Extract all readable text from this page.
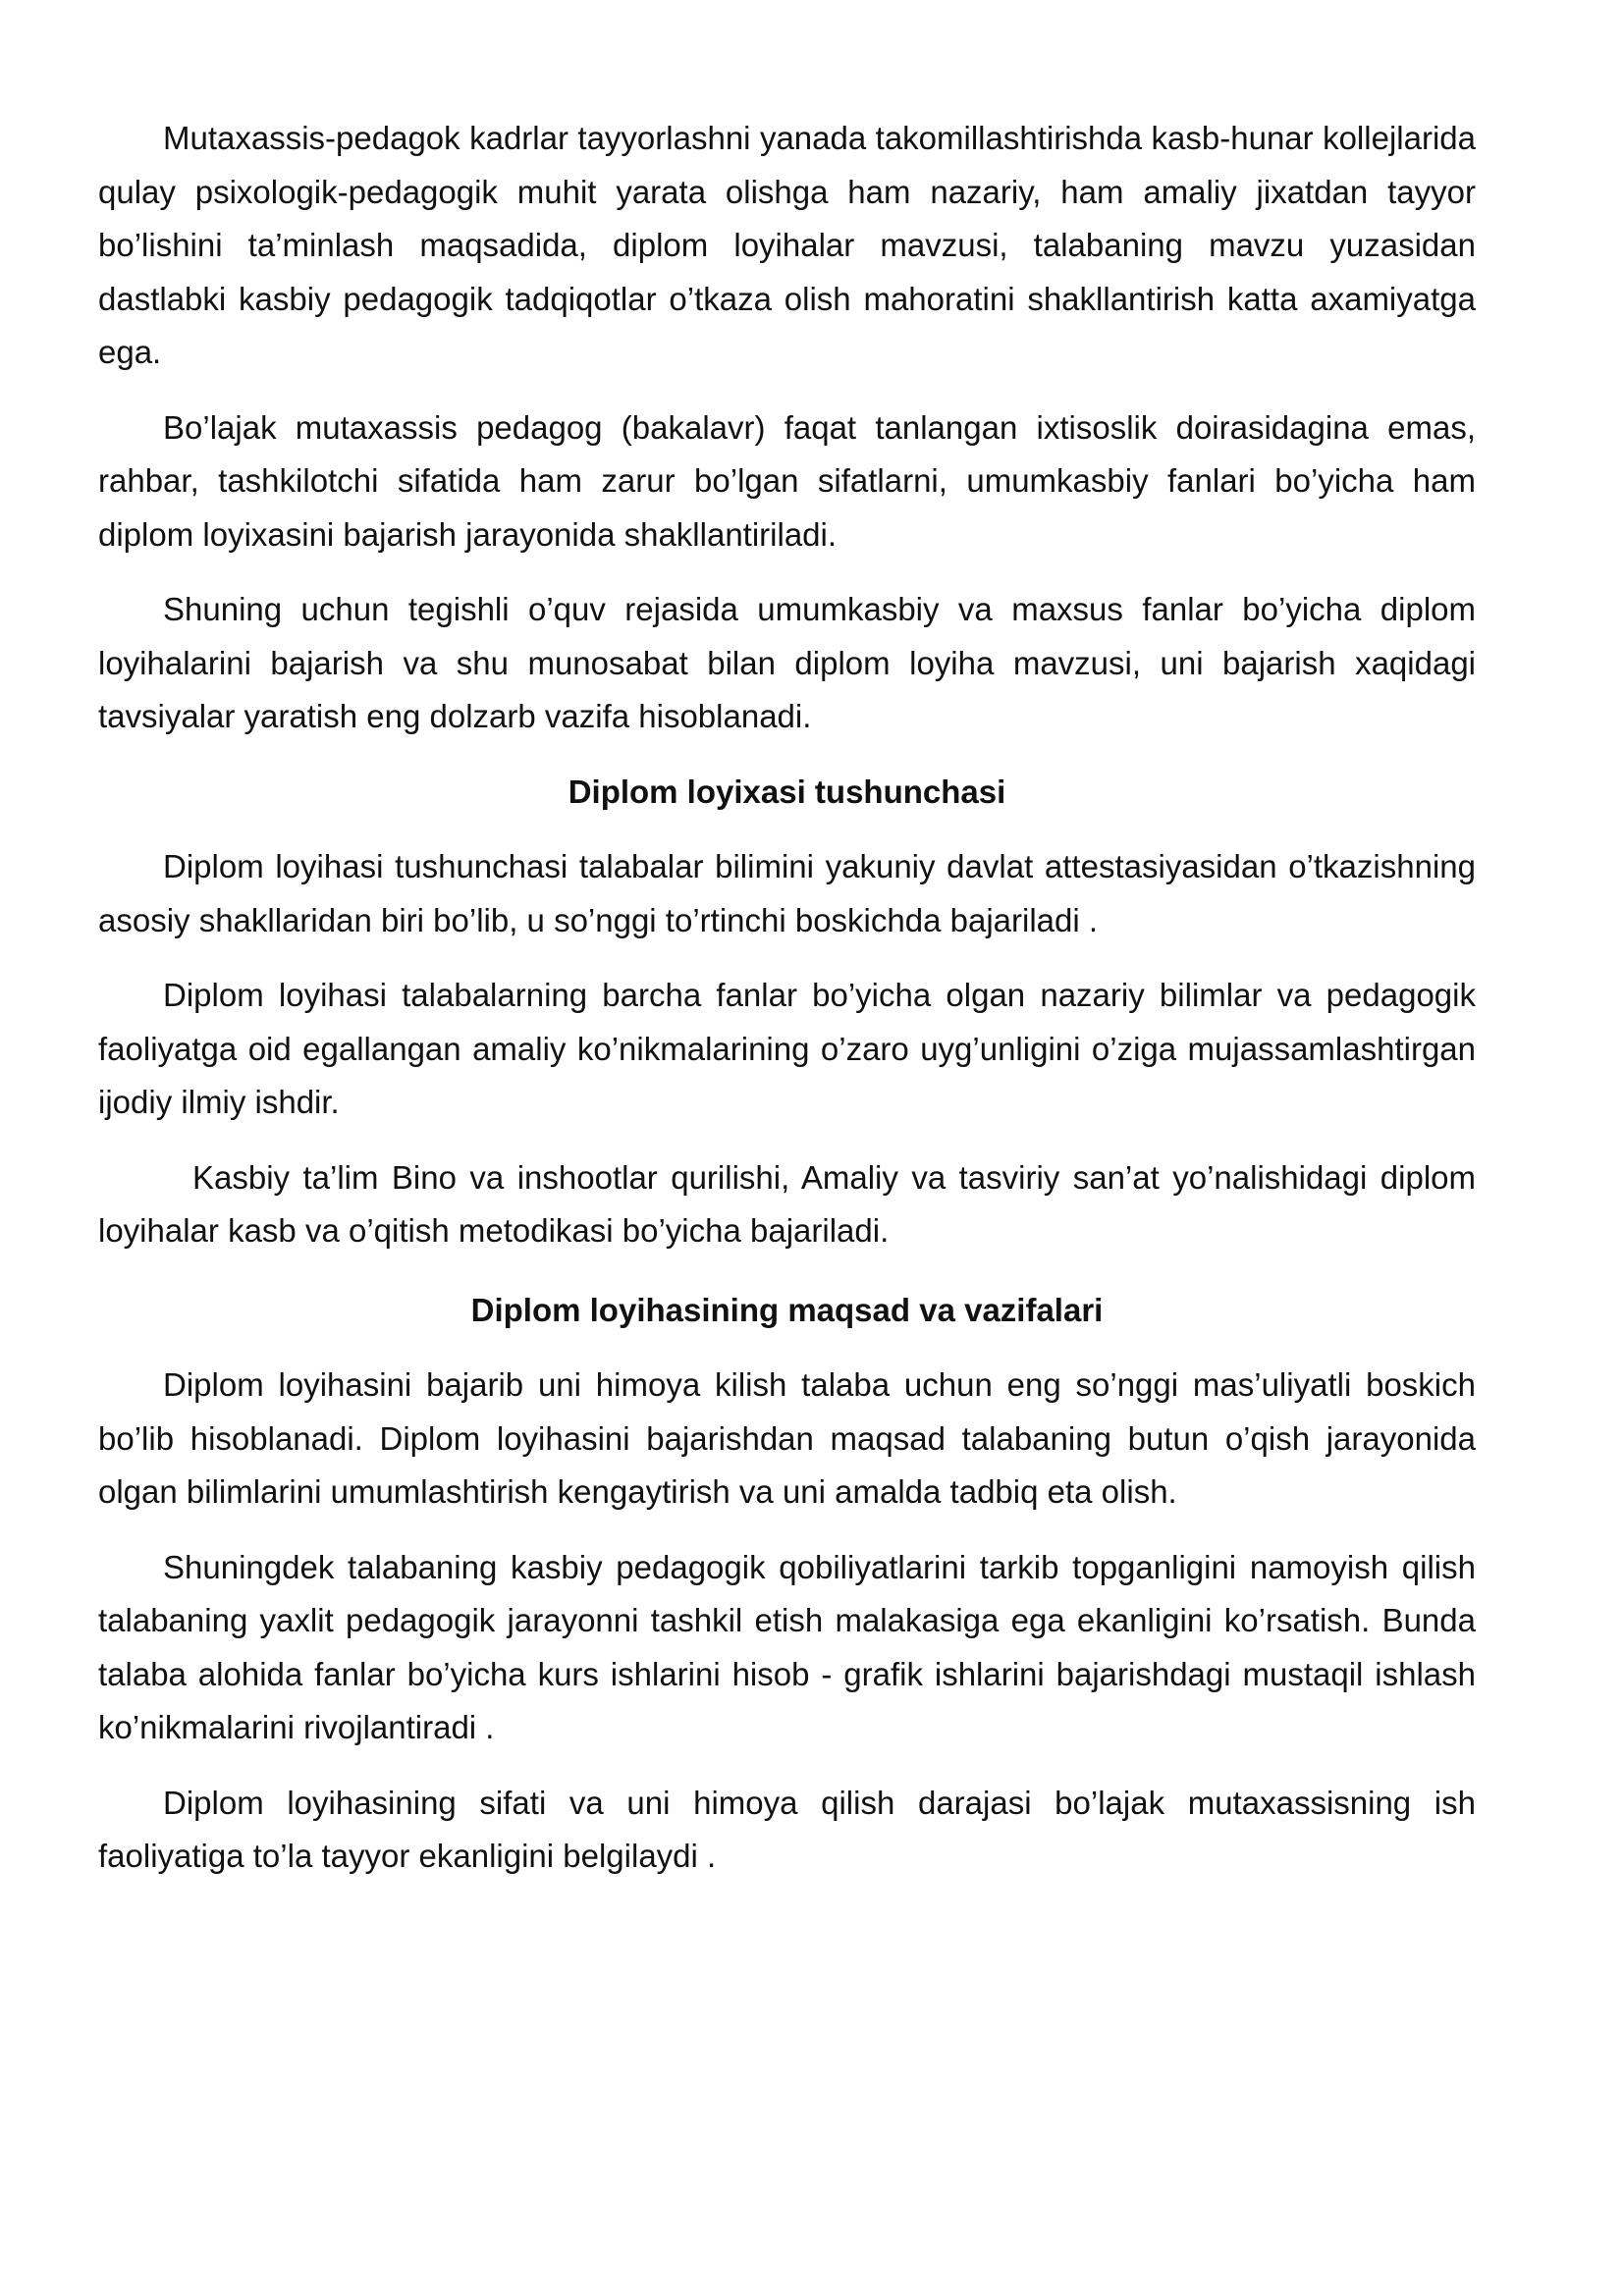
Mutaxassis-pedagok kadrlar tayyorlashni yanada takomillashtirishda kasb-hunar kollejlarida qulay psixologik-pedagogik muhit yarata olishga ham nazariy, ham amaliy jixatdan tayyor bo’lishini ta’minlash maqsadida, diplom loyihalar mavzusi, talabaning mavzu yuzasidan dastlabki kasbiy pedagogik tadqiqotlar o’tkaza olish mahoratini shakllantirish katta axamiyatga ega.

Bo’lajak mutaxassis pedagog (bakalavr) faqat tanlangan ixtisoslik doirasidagina emas, rahbar, tashkilotchi sifatida ham zarur bo’lgan sifatlarni, umumkasbiy fanlari bo’yicha ham diplom loyixasini bajarish jarayonida shakllantiriladi.

Shuning uchun tegishli o’quv rejasida umumkasbiy va maxsus fanlar bo’yicha diplom loyihalarini bajarish va shu munosabat bilan diplom loyiha mavzusi, uni bajarish xaqidagi tavsiyalar yaratish eng dolzarb vazifa hisoblanadi.

Diplom loyixasi tushunchasi

Diplom loyihasi tushunchasi talabalar bilimini yakuniy davlat attestasiyasidan o’tkazishning asosiy shakllaridan biri bo’lib, u so’nggi to’rtinchi boskichda bajariladi .

Diplom loyihasi talabalarning barcha fanlar bo’yicha olgan nazariy bilimlar va pedagogik faoliyatga oid egallangan amaliy ko’nikmalarining o’zaro uyg’unligini o’ziga mujassamlashtirgan ijodiy ilmiy ishdir.

Kasbiy ta’lim Bino va inshootlar qurilishi, Amaliy va tasviriy san’at yo’nalishidagi diplom loyihalar kasb va o’qitish metodikasi bo’yicha bajariladi.

Diplom loyihasining maqsad va vazifalari

Diplom loyihasini bajarib uni himoya kilish talaba uchun eng so’nggi mas’uliyatli boskich bo’lib hisoblanadi. Diplom loyihasini bajarishdan maqsad talabaning butun o’qish jarayonida olgan bilimlarini umumlashtirish kengaytirish va uni amalda tadbiq eta olish.

Shuningdek talabaning kasbiy pedagogik qobiliyatlarini tarkib topganligini namoyish qilish talabaning yaxlit pedagogik jarayonni tashkil etish malakasiga ega ekanligini ko’rsatish. Bunda talaba alohida fanlar bo’yicha kurs ishlarini hisob - grafik ishlarini bajarishdagi mustaqil ishlash ko’nikmalarini rivojlantiradi .

Diplom loyihasining sifati va uni himoya qilish darajasi bo’lajak mutaxassisning ish faoliyatiga to’la tayyor ekanligini belgilaydi .
